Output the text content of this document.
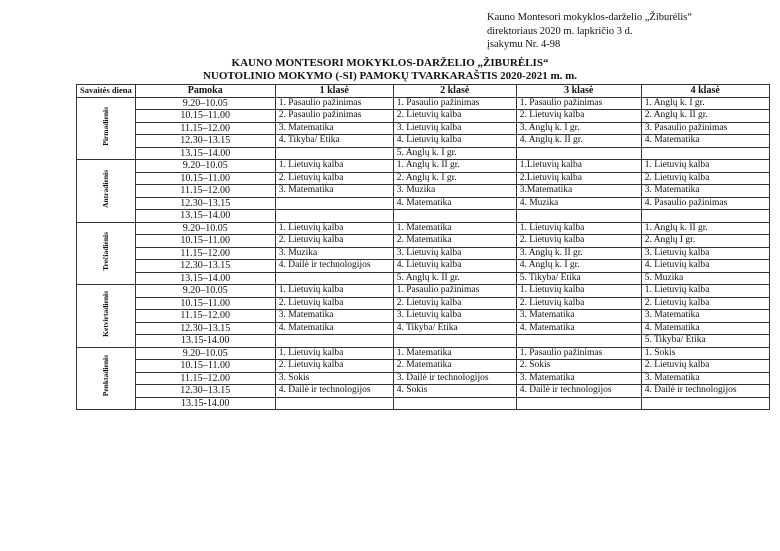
Kauno Montesori mokyklos-darželio „Žiburėlis“
direktoriaus 2020 m. lapkričio 3 d.
įsakymu Nr. 4-98
KAUNO MONTESORI MOKYKLOS-DARŽELIO „ŽIBURĖLIS“
NUOTOLINIO MOKYMO (-SI) PAMOKŲ TVARKARAŠTIS 2020-2021 m. m.
Savaitės diena	Pamoka	1 klasė	2 klasė	3 klasė	4 klasė
Pirmadienis	9.20–10.05	1. Pasaulio pažinimas	1. Pasaulio pažinimas	1. Pasaulio pažinimas	1. Anglų k. I gr.
	10.15–11.00	2. Pasaulio pažinimas	2. Lietuvių kalba	2. Lietuvių kalba	2. Anglų k. II gr.
	11.15–12.00	3. Matematika	3. Lietuvių kalba	3. Anglų k. I gr.	3. Pasaulio pažinimas
	12.30–13.15	4. Tikyba/ Etika	4. Lietuvių kalba	4. Anglų k. II gr.	4. Matematika
	13.15–14.00		5. Anglų k. I gr.		
Antradienis	9.20–10.05	1. Lietuvių kalba	1. Anglų k. II gr.	1.Lietuvių kalba	1. Lietuvių kalba
	10.15–11.00	2. Lietuvių kalba	2. Anglų k. I gr.	2.Lietuvių kalba	2. Lietuvių kalba
	11.15–12.00	3. Matematika	3. Muzika	3.Matematika	3. Matematika
	12.30–13.15		4. Matematika	4. Muzika	4. Pasaulio pažinimas
	13.15–14.00				
Trečiadienis	9.20–10.05	1. Lietuvių kalba	1. Matematika	1. Lietuvių kalba	1. Anglų k. II gr.
	10.15–11.00	2. Lietuvių kalba	2. Matematika	2. Lietuvių kalba	2. Anglų I gr.
	11.15–12.00	3. Muzika	3. Lietuvių kalba	3. Anglų k. II gr.	3. Lietuvių kalba
	12.30–13.15	4. Dailė ir technologijos	4. Lietuvių kalba	4. Anglų k. I gr.	4. Lietuvių kalba
	13.15–14.00		5. Anglų k. II gr.	5. Tikyba/ Etika	5. Muzika
Ketvirtadienis	9.20–10.05	1. Lietuvių kalba	1. Pasaulio pažinimas	1. Lietuvių kalba	1. Lietuvių kalba
	10.15–11.00	2. Lietuvių kalba	2. Lietuvių kalba	2. Lietuvių kalba	2. Lietuvių kalba
	11.15–12.00	3. Matematika	3. Lietuvių kalba	3. Matematika	3. Matematika
	12.30–13.15	4. Matematika	4. Tikyba/ Etika	4. Matematika	4. Matematika
	13.15-14.00				5. Tikyba/ Etika
Penktadienis	9.20–10.05	1. Lietuvių kalba	1. Matematika	1. Pasaulio pažinimas	1. Šokis
	10.15–11.00	2. Lietuvių kalba	2. Matematika	2. Šokis	2. Lietuvių kalba
	11.15–12.00	3. Šokis	3. Dailė ir technologijos	3. Matematika	3. Matematika
	12.30–13.15	4. Dailė ir technologijos	4. Šokis	4. Dailė ir technologijos	4. Dailė ir technologijos
	13.15-14.00				
